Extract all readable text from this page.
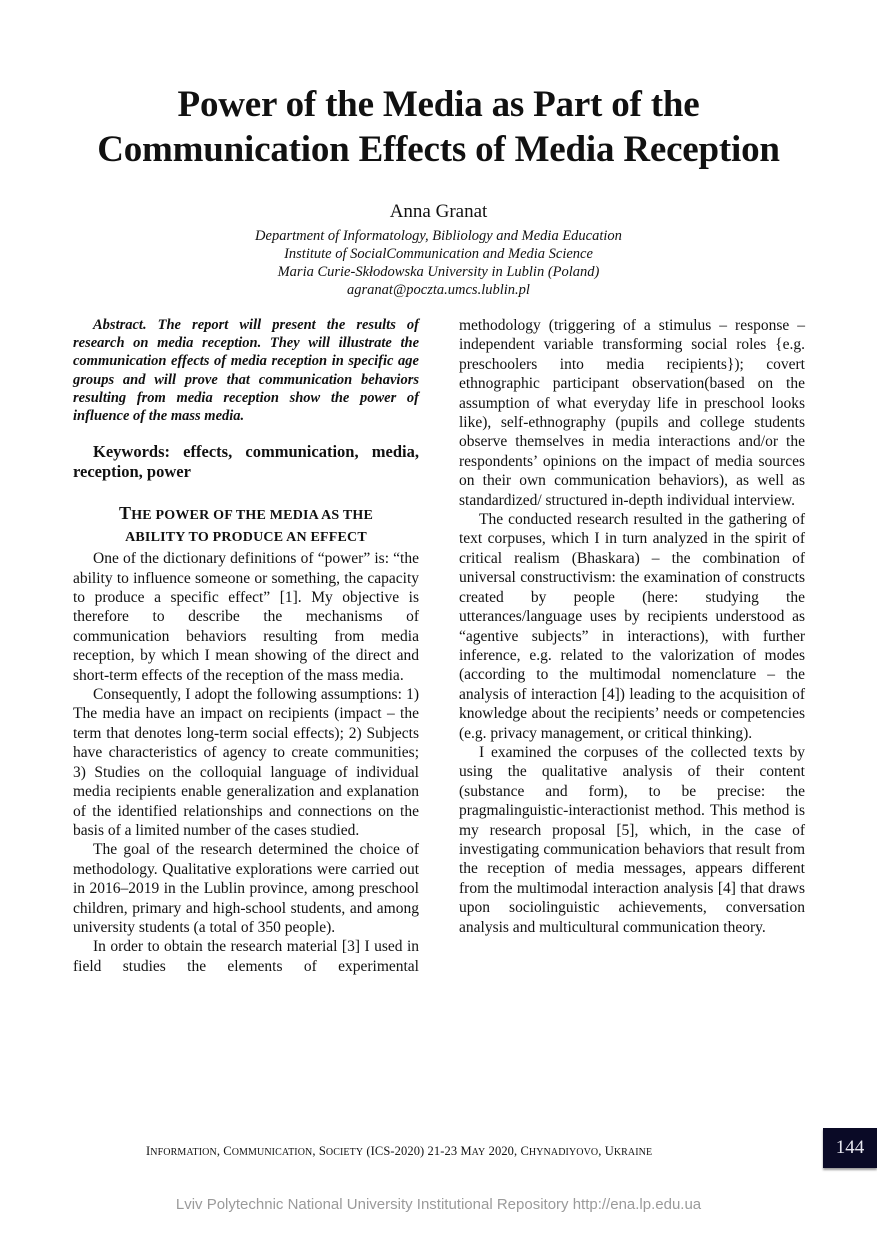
Power of the Media as Part of the
Communication Effects of Media Reception
Anna Granat
Department of Informatology, Bibliology and Media Education
Institute of SocialCommunication and Media Science
Maria Curie-Skłodowska University in Lublin (Poland)
agranat@poczta.umcs.lublin.pl

Abstract. The report will present the results of research on media reception. They will illustrate the communication effects of media reception in specific age groups and will prove that communication behaviors resulting from media reception show the power of influence of the mass media.

Keywords: effects, communication, media, reception, power

THE POWER OF THE MEDIA AS THE
ABILITY TO PRODUCE AN EFFECT

One of the dictionary definitions of “power” is: “the ability to influence someone or something, the capacity to produce a specific effect” [1]. My objective is therefore to describe the mechanisms of communication behaviors resulting from media reception, by which I mean showing of the direct and short-term effects of the reception of the mass media.

Consequently, I adopt the following assumptions: 1) The media have an impact on recipients (impact – the term that denotes long-term social effects); 2) Subjects have characteristics of agency to create communities; 3) Studies on the colloquial language of individual media recipients enable generalization and explanation of the identified relationships and connections on the basis of a limited number of the cases studied.

The goal of the research determined the choice of methodology. Qualitative explorations were carried out in 2016–2019 in the Lublin province, among preschool children, primary and high-school students, and among university students (a total of 350 people).

In order to obtain the research material [3] I used in field studies the elements of experimental

methodology (triggering of a stimulus – response – independent variable transforming social roles {e.g. preschoolers into media recipients}); covert ethnographic participant observation(based on the assumption of what everyday life in preschool looks like), self-ethnography (pupils and college students observe themselves in media interactions and/or the respondents’ opinions on the impact of media sources on their own communication behaviors), as well as standardized/ structured in-depth individual interview.

The conducted research resulted in the gathering of text corpuses, which I in turn analyzed in the spirit of critical realism (Bhaskara) – the combination of universal constructivism: the examination of constructs created by people (here: studying the utterances/language uses by recipients understood as “agentive subjects” in interactions), with further inference, e.g. related to the valorization of modes (according to the multimodal nomenclature – the analysis of interaction [4]) leading to the acquisition of knowledge about the recipients’ needs or competencies (e.g. privacy management, or critical thinking).

I examined the corpuses of the collected texts by using the qualitative analysis of their content (substance and form), to be precise: the pragmalinguistic-interactionist method. This method is my research proposal [5], which, in the case of investigating communication behaviors that result from the reception of media messages, appears different from the multimodal interaction analysis [4] that draws upon sociolinguistic achievements, conversation analysis and multicultural communication theory.

INFORMATION, COMMUNICATION, SOCIETY (ICS-2020) 21-23 MAY 2020, CHYNADIYOVO, UKRAINE	144
Lviv Polytechnic National University Institutional Repository http://ena.lp.edu.ua
